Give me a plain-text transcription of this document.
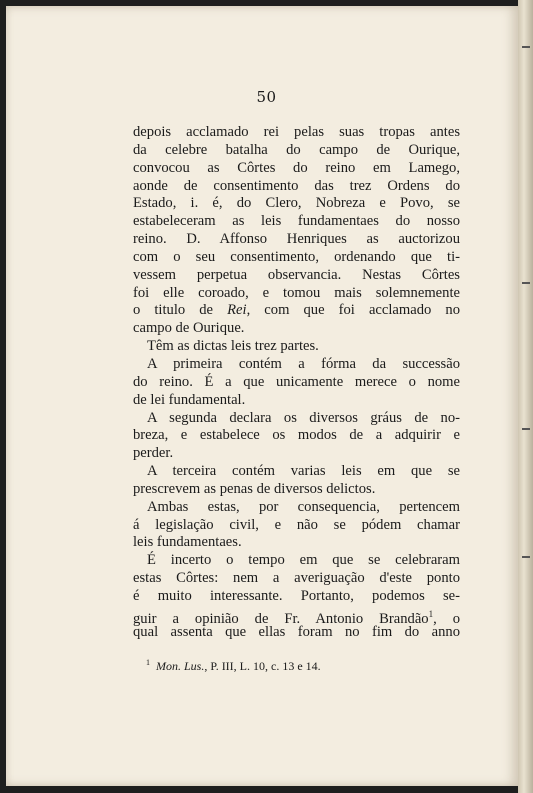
50
depois acclamado rei pelas suas tropas antes
da celebre batalha do campo de Ourique,
convocou as Côrtes do reino em Lamego,
aonde de consentimento das trez Ordens do
Estado, i. é, do Clero, Nobreza e Povo, se
estabeleceram as leis fundamentaes do nosso
reino. D. Affonso Henriques as auctorizou
com o seu consentimento, ordenando que ti-
vessem perpetua observancia. Nestas Côrtes
foi elle coroado, e tomou mais solemnemente
o titulo de Rei, com que foi acclamado no
campo de Ourique.
Têm as dictas leis trez partes.
A primeira contém a fórma da successão
do reino. É a que unicamente merece o nome
de lei fundamental.
A segunda declara os diversos gráus de no-
breza, e estabelece os modos de a adquirir e
perder.
A terceira contém varias leis em que se
prescrevem as penas de diversos delictos.
Ambas estas, por consequencia, pertencem
á legislação civil, e não se pódem chamar
leis fundamentaes.
É incerto o tempo em que se celebraram
estas Côrtes: nem a averiguação d'este ponto
é muito interessante. Portanto, podemos se-
guir a opinião de Fr. Antonio Brandão$^1$, o
qual assenta que ellas foram no fim do anno
$^1$ Mon. Lus., P. III, L. 10, c. 13 e 14.
